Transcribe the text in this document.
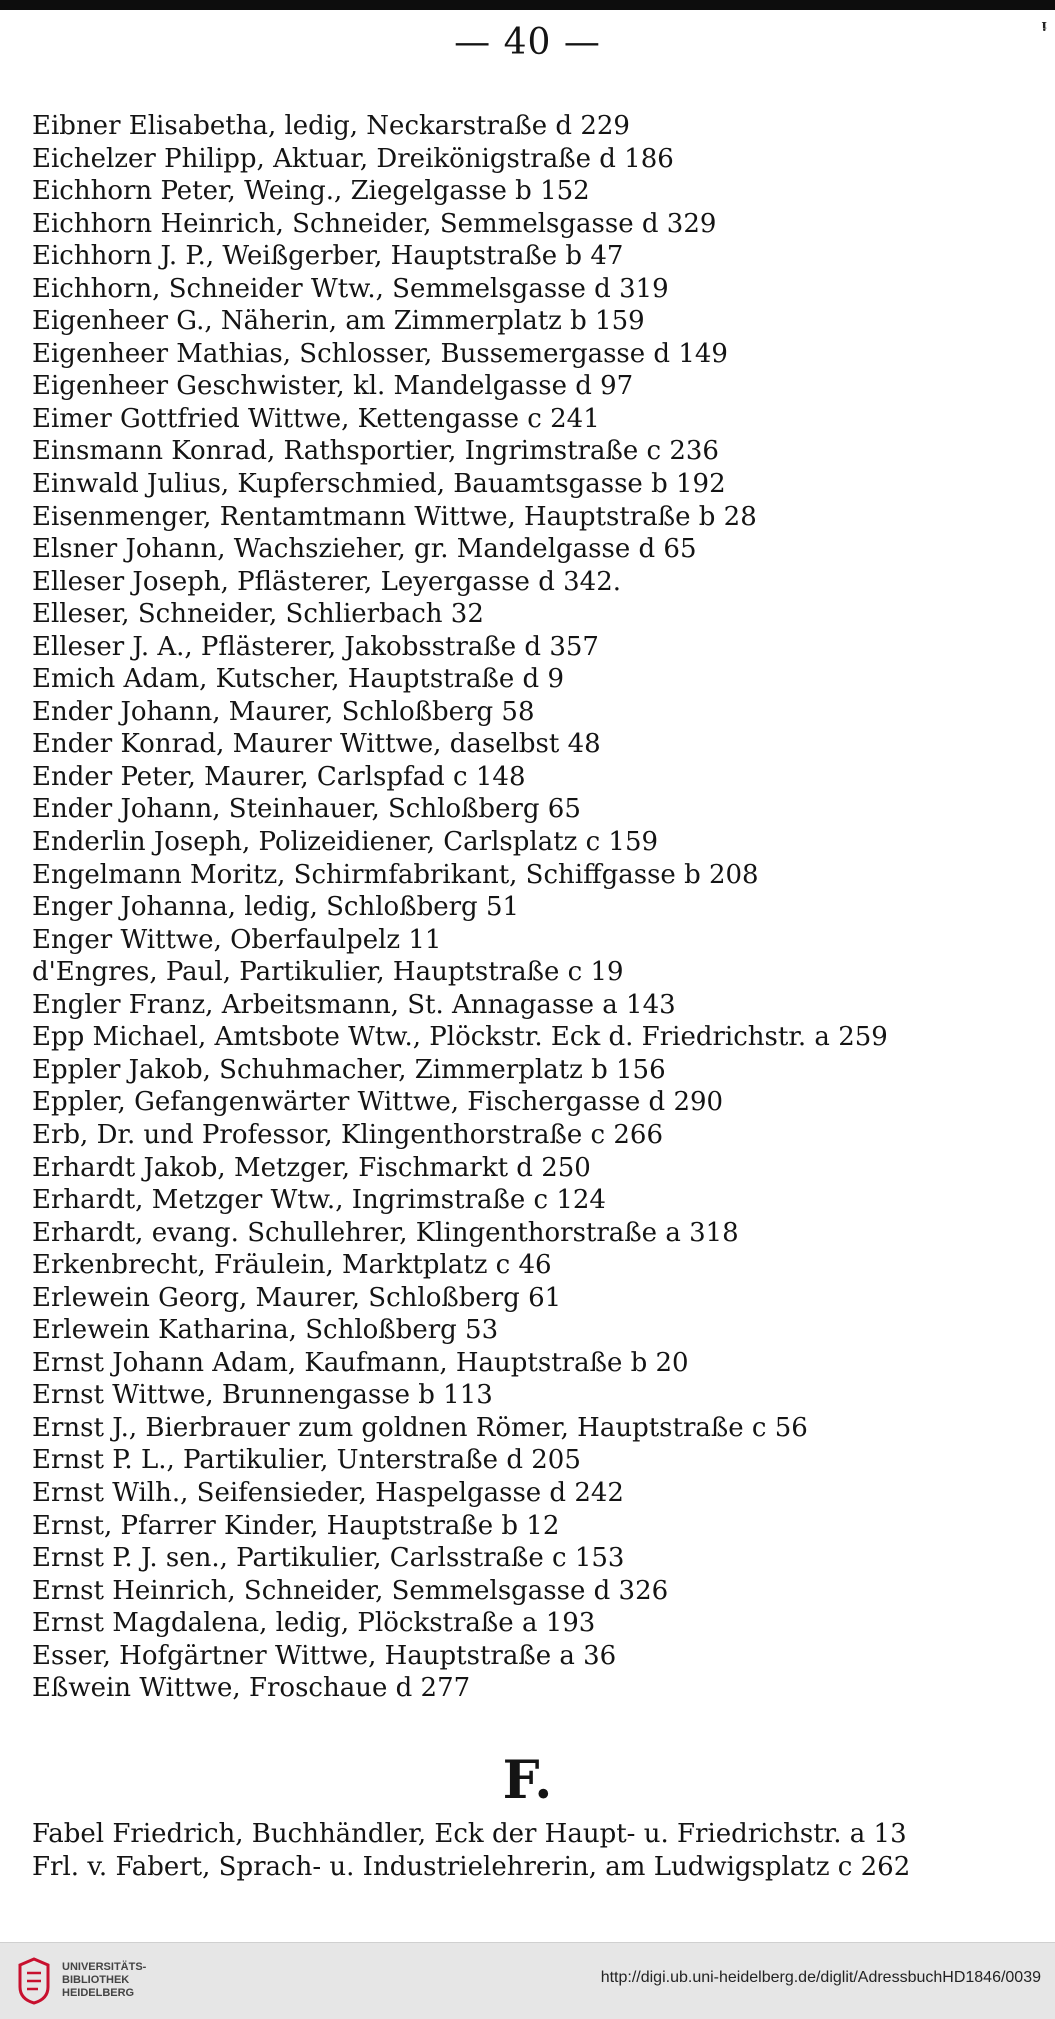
ᵎ
— 40 —
Eibner Elisabetha, ledig, Neckarstraße d 229
Eichelzer Philipp, Aktuar, Dreikönigstraße d 186
Eichhorn Peter, Weing., Ziegelgasse b 152
Eichhorn Heinrich, Schneider, Semmelsgasse d 329
Eichhorn J. P., Weißgerber, Hauptstraße b 47
Eichhorn, Schneider Wtw., Semmelsgasse d 319
Eigenheer G., Näherin, am Zimmerplatz b 159
Eigenheer Mathias, Schlosser, Bussemergasse d 149
Eigenheer Geschwister, kl. Mandelgasse d 97
Eimer Gottfried Wittwe, Kettengasse c 241
Einsmann Konrad, Rathsportier, Ingrimstraße c 236
Einwald Julius, Kupferschmied, Bauamtsgasse b 192
Eisenmenger, Rentamtmann Wittwe, Hauptstraße b 28
Elsner Johann, Wachszieher, gr. Mandelgasse d 65
Elleser Joseph, Pflästerer, Leyergasse d 342.
Elleser, Schneider, Schlierbach 32
Elleser J. A., Pflästerer, Jakobsstraße d 357
Emich Adam, Kutscher, Hauptstraße d 9
Ender Johann, Maurer, Schloßberg 58
Ender Konrad, Maurer Wittwe, daselbst 48
Ender Peter, Maurer, Carlspfad c 148
Ender Johann, Steinhauer, Schloßberg 65
Enderlin Joseph, Polizeidiener, Carlsplatz c 159
Engelmann Moritz, Schirmfabrikant, Schiffgasse b 208
Enger Johanna, ledig, Schloßberg 51
Enger Wittwe, Oberfaulpelz 11
d'Engres, Paul, Partikulier, Hauptstraße c 19
Engler Franz, Arbeitsmann, St. Annagasse a 143
Epp Michael, Amtsbote Wtw., Plöckstr. Eck d. Friedrichstr. a 259
Eppler Jakob, Schuhmacher, Zimmerplatz b 156
Eppler, Gefangenwärter Wittwe, Fischergasse d 290
Erb, Dr. und Professor, Klingenthorstraße c 266
Erhardt Jakob, Metzger, Fischmarkt d 250
Erhardt, Metzger Wtw., Ingrimstraße c 124
Erhardt, evang. Schullehrer, Klingenthorstraße a 318
Erkenbrecht, Fräulein, Marktplatz c 46
Erlewein Georg, Maurer, Schloßberg 61
Erlewein Katharina, Schloßberg 53
Ernst Johann Adam, Kaufmann, Hauptstraße b 20
Ernst Wittwe, Brunnengasse b 113
Ernst J., Bierbrauer zum goldnen Römer, Hauptstraße c 56
Ernst P. L., Partikulier, Unterstraße d 205
Ernst Wilh., Seifensieder, Haspelgasse d 242
Ernst, Pfarrer Kinder, Hauptstraße b 12
Ernst P. J. sen., Partikulier, Carlsstraße c 153
Ernst Heinrich, Schneider, Semmelsgasse d 326
Ernst Magdalena, ledig, Plöckstraße a 193
Esser, Hofgärtner Wittwe, Hauptstraße a 36
Eßwein Wittwe, Froschaue d 277
F.
Fabel Friedrich, Buchhändler, Eck der Haupt- u. Friedrichstr. a 13
Frl. v. Fabert, Sprach- u. Industrielehrerin, am Ludwigsplatz c 262
UNIVERSITÄTS-
BIBLIOTHEK
HEIDELBERG
http://digi.ub.uni-heidelberg.de/diglit/AdressbuchHD1846/0039
